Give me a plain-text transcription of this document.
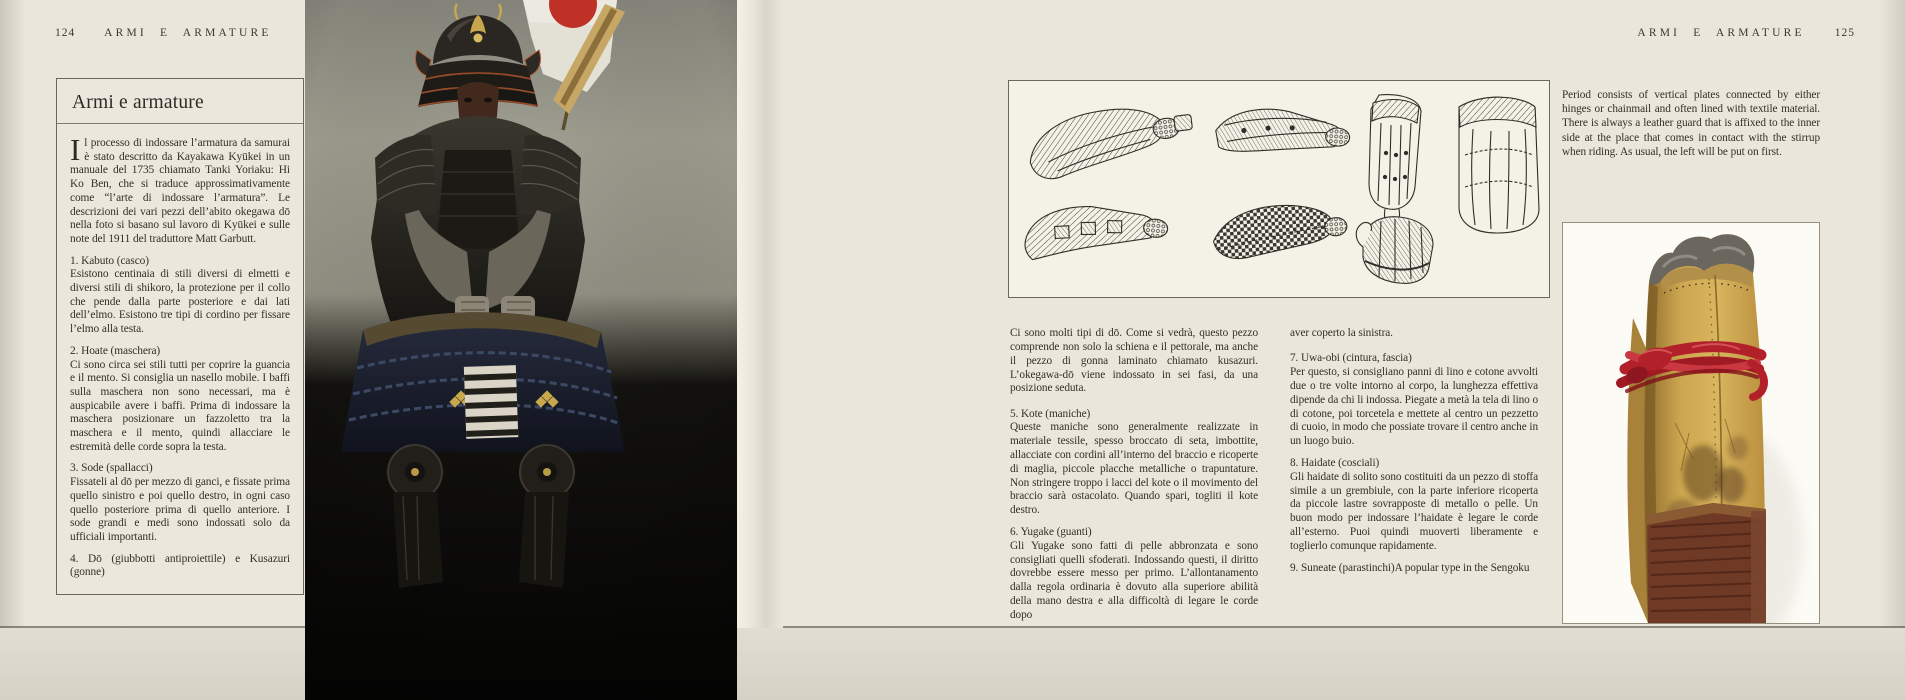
124	ARMI E ARMATURE
Armi e armature

Il processo di indossare l’armatura da samurai è stato descritto da Kayakawa Kyūkei in un manuale del 1735 chiamato Tanki Yoriaku: Hi Ko Ben, che si traduce approssimativamente come “l’arte di indossare l’armatura”. Le descrizioni dei vari pezzi dell’abito okegawa dō nella foto si basano sul lavoro di Kyūkei e sulle note del 1911 del traduttore Matt Garbutt.

1. Kabuto (casco)
Esistono centinaia di stili diversi di elmetti e diversi stili di shikoro, la protezione per il collo che pende dalla parte posteriore e dai lati dell’elmo. Esistono tre tipi di cordino per fissare l’elmo alla testa.

2. Hoate (maschera)
Ci sono circa sei stili tutti per coprire la guancia e il mento. Si consiglia un nasello mobile. I baffi sulla maschera non sono necessari, ma è auspicabile avere i baffi. Prima di indossare la maschera posizionare un fazzoletto tra la maschera e il mento, quindi allacciare le estremità delle corde sopra la testa.

3. Sode (spallacci)
Fissateli al dō per mezzo di ganci, e fissate prima quello sinistro e poi quello destro, in ogni caso quello posteriore prima di quello anteriore. I sode grandi e medi sono indossati solo da ufficiali importanti.

4. Dō (giubbotti antiproiettile) e Kusazuri (gonne)

ARMI E ARMATURE	125

Ci sono molti tipi di dō. Come si vedrà, questo pezzo comprende non solo la schiena e il pettorale, ma anche il pezzo di gonna laminato chiamato kusazuri. L’okegawa-dō viene indossato in sei fasi, da una posizione seduta.

5. Kote (maniche)
Queste maniche sono generalmente realizzate in materiale tessile, spesso broccato di seta, imbottite, allacciate con cordini all’interno del braccio e ricoperte di maglia, piccole placche metalliche o trapuntature. Non stringere troppo i lacci del kote o il movimento del braccio sarà ostacolato. Quando spari, togliti il kote destro.

6. Yugake (guanti)
Gli Yugake sono fatti di pelle abbronzata e sono consigliati quelli sfoderati. Indossando questi, il diritto dovrebbe essere messo per primo. L’allontanamento dalla regola ordinaria è dovuto alla superiore abilità della mano destra e alla difficoltà di legare le corde dopo

aver coperto la sinistra.

7. Uwa-obi (cintura, fascia)
Per questo, si consigliano panni di lino e cotone avvolti due o tre volte intorno al corpo, la lunghezza effettiva dipende da chi li indossa. Piegate a metà la tela di lino o di cotone, poi torcetela e mettete al centro un pezzetto di cuoio, in modo che possiate trovare il centro anche in un luogo buio.

8. Haidate (cosciali)
Gli haidate di solito sono costituiti da un pezzo di stoffa simile a un grembiule, con la parte inferiore ricoperta da piccole lastre sovrapposte di metallo o pelle. Un buon modo per indossare l’haidate è legare le corde all’esterno. Puoi quindi muoverti liberamente e toglierlo comunque rapidamente.

9. Suneate (parastinchi)A popular type in the Sengoku

Period consists of vertical plates connected by either hinges or chainmail and often lined with textile material. There is always a leather guard that is affixed to the inner side at the place that comes in contact with the stirrup when riding. As usual, the left will be put on first.
